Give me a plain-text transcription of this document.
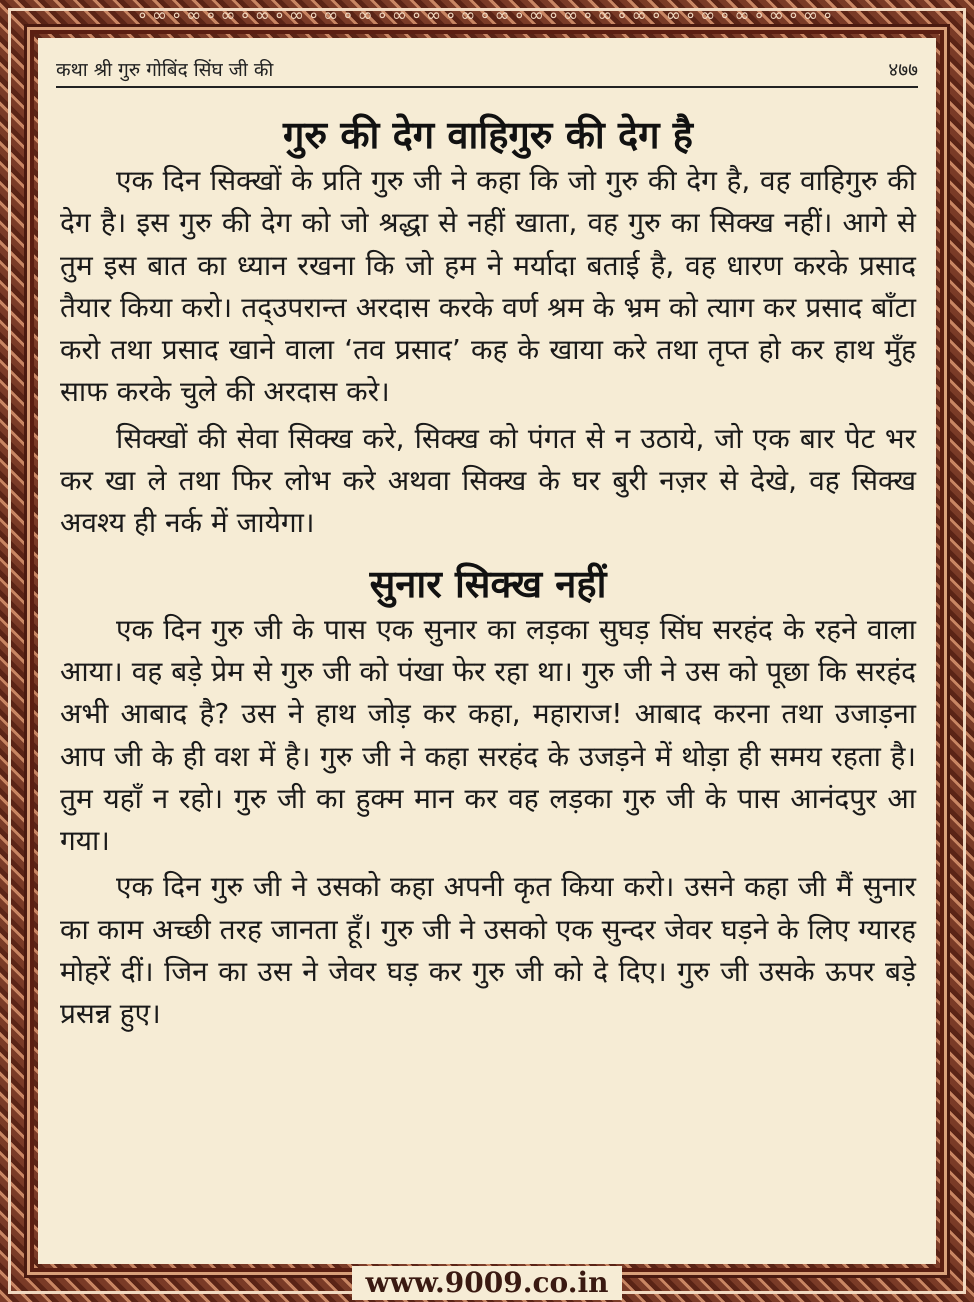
∘∞∘∞∘∞∘∞∘∞∘∞∘∞∘∞∘∞∘∞∘∞∘∞∘∞∘∞∘∞∘∞∘∞∘∞∘∞∘∞∘
कथा श्री गुरु गोबिंद सिंघ जी की	४७७
गुरु की देग वाहिगुरु की देग है

एक दिन सिक्खों के प्रति गुरु जी ने कहा कि जो गुरु की देग है, वह वाहिगुरु की देग है। इस गुरु की देग को जो श्रद्धा से नहीं खाता, वह गुरु का सिक्ख नहीं। आगे से तुम इस बात का ध्यान रखना कि जो हम ने मर्यादा बताई है, वह धारण करके प्रसाद तैयार किया करो। तद्उपरान्त अरदास करके वर्ण श्रम के भ्रम को त्याग कर प्रसाद बाँटा करो तथा प्रसाद खाने वाला ‘तव प्रसाद’ कह के खाया करे तथा तृप्त हो कर हाथ मुँह साफ करके चुले की अरदास करे।

सिक्खों की सेवा सिक्ख करे, सिक्ख को पंगत से न उठाये, जो एक बार पेट भर कर खा ले तथा फिर लोभ करे अथवा सिक्ख के घर बुरी नज़र से देखे, वह सिक्ख अवश्य ही नर्क में जायेगा।

सुनार सिक्ख नहीं

एक दिन गुरु जी के पास एक सुनार का लड़का सुघड़ सिंघ सरहंद के रहने वाला आया। वह बड़े प्रेम से गुरु जी को पंखा फेर रहा था। गुरु जी ने उस को पूछा कि सरहंद अभी आबाद है? उस ने हाथ जोड़ कर कहा, महाराज! आबाद करना तथा उजाड़ना आप जी के ही वश में है। गुरु जी ने कहा सरहंद के उजड़ने में थोड़ा ही समय रहता है। तुम यहाँ न रहो। गुरु जी का हुक्म मान कर वह लड़का गुरु जी के पास आनंदपुर आ गया।

एक दिन गुरु जी ने उसको कहा अपनी कृत किया करो। उसने कहा जी मैं सुनार का काम अच्छी तरह जानता हूँ। गुरु जी ने उसको एक सुन्दर जेवर घड़ने के लिए ग्यारह मोहरें दीं। जिन का उस ने जेवर घड़ कर गुरु जी को दे दिए। गुरु जी उसके ऊपर बड़े प्रसन्न हुए।

www.9009.co.in
